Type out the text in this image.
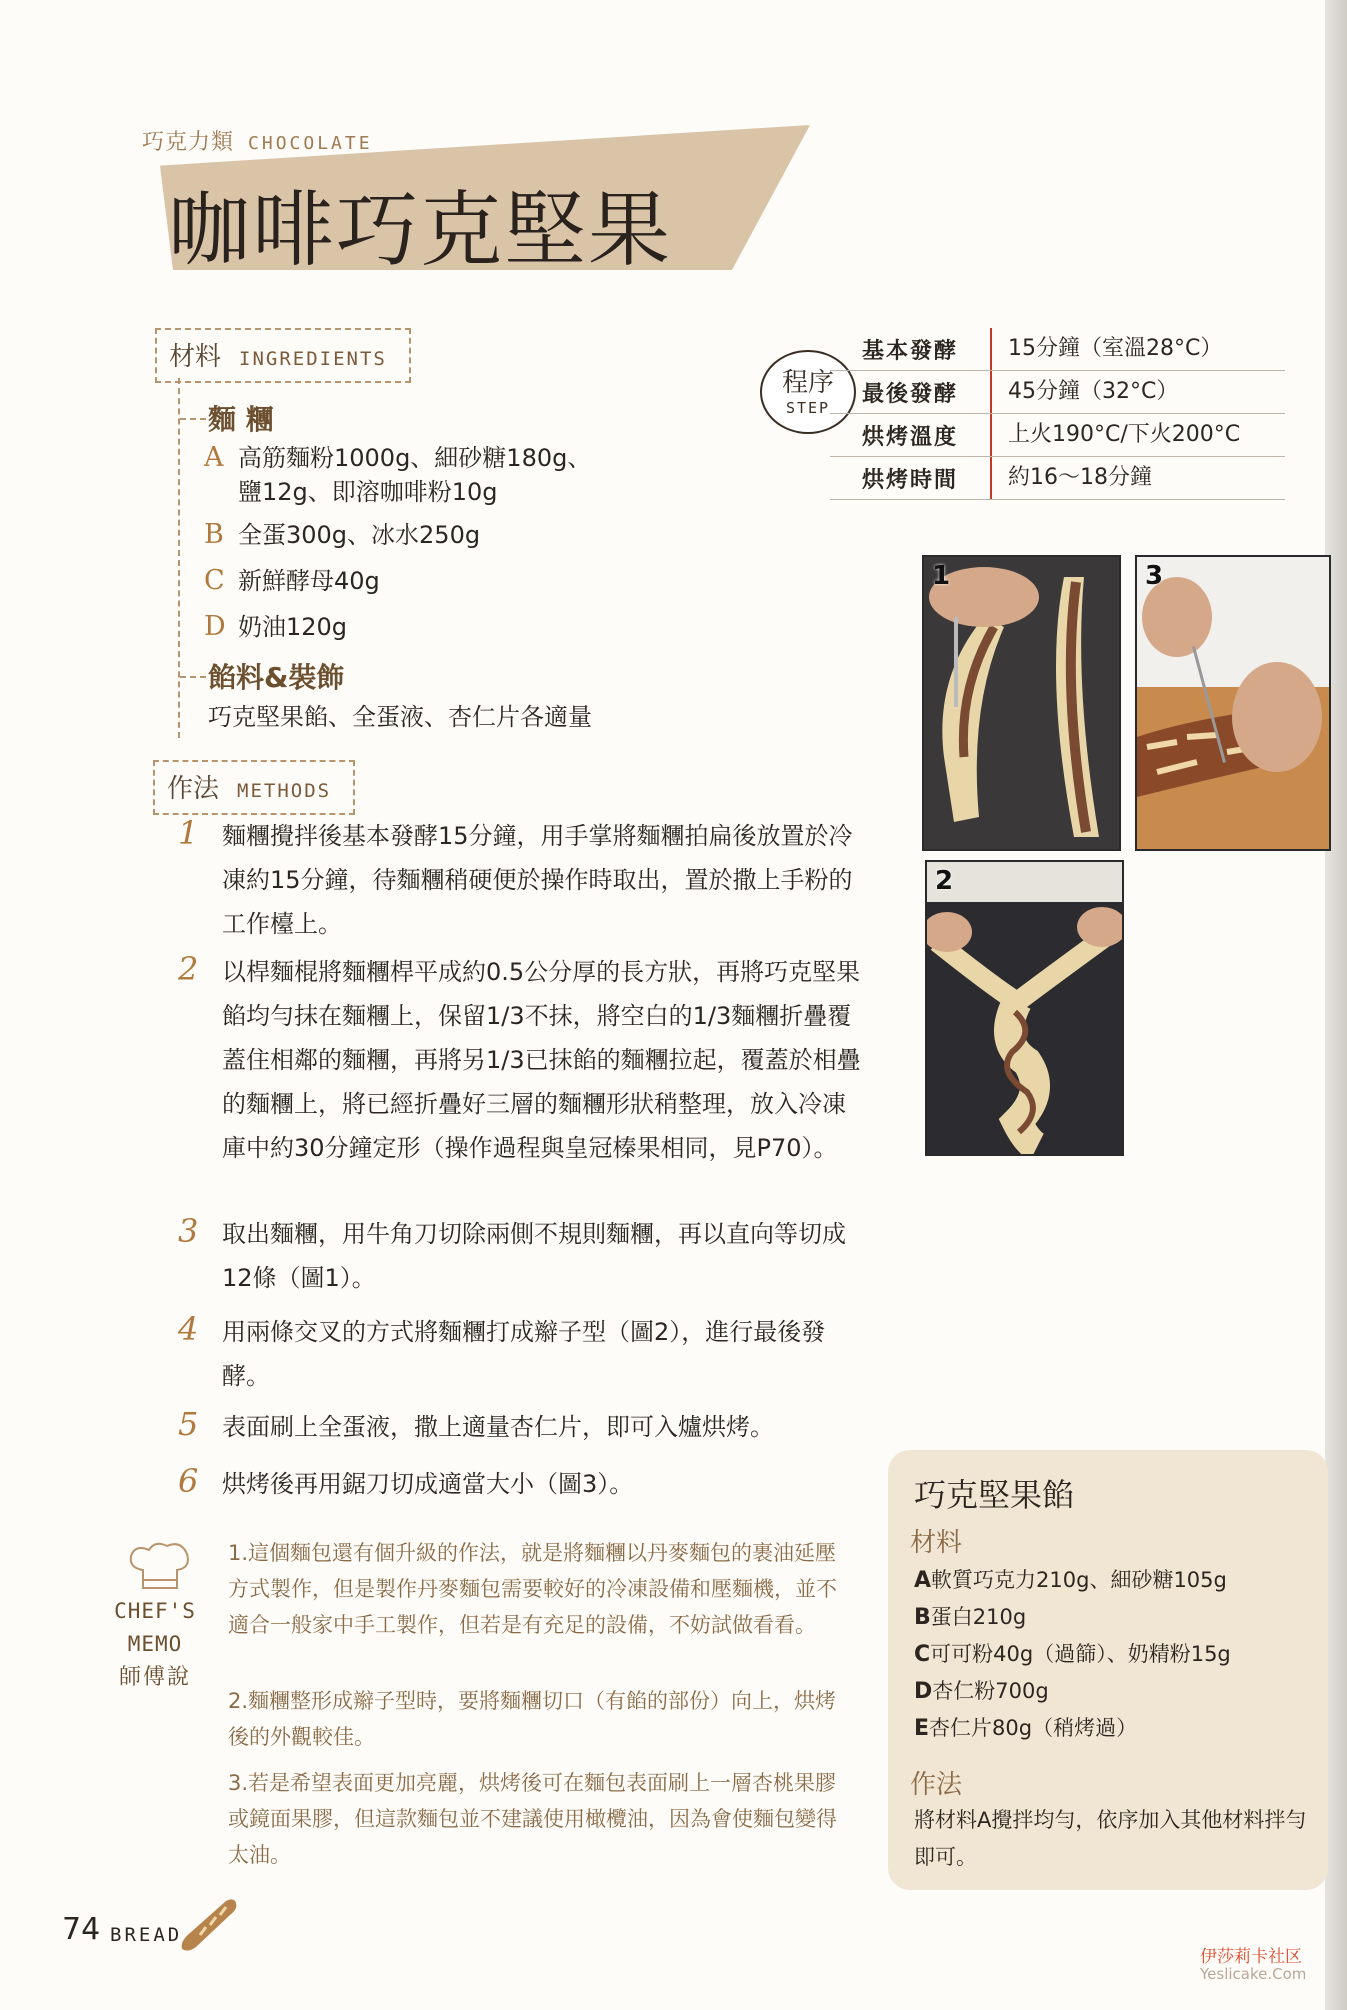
巧克力類 CHOCOLATE
咖啡巧克堅果
材料 INGREDIENTS
麵 糰
A 高筋麵粉1000g、細砂糖180g、
鹽12g、即溶咖啡粉10g
B 全蛋300g、冰水250g
C 新鮮酵母40g
D 奶油120g
餡料&裝飾
巧克堅果餡、全蛋液、杏仁片各適量
作法 METHODS
1 麵糰攪拌後基本發酵15分鐘，用手掌將麵糰拍扁後放置於冷凍約15分鐘，待麵糰稍硬便於操作時取出，置於撒上手粉的工作檯上。
2 以桿麵棍將麵糰桿平成約0.5公分厚的長方狀，再將巧克堅果餡均勻抹在麵糰上，保留1/3不抹，將空白的1/3麵糰折疊覆蓋住相鄰的麵糰，再將另1/3已抹餡的麵糰拉起，覆蓋於相疊的麵糰上，將已經折疊好三層的麵糰形狀稍整理，放入冷凍庫中約30分鐘定形（操作過程與皇冠榛果相同，見P70）。
3 取出麵糰，用牛角刀切除兩側不規則麵糰，再以直向等切成12條（圖1）。
4 用兩條交叉的方式將麵糰打成辮子型（圖2），進行最後發酵。
5 表面刷上全蛋液，撒上適量杏仁片，即可入爐烘烤。
6 烘烤後再用鋸刀切成適當大小（圖3）。
程序
STEP
基本發酵	15分鐘（室溫28°C）
最後發酵	45分鐘（32°C）
烘烤溫度	上火190°C/下火200°C
烘烤時間	約16～18分鐘
1	3
2
CHEF'S
MEMO
師傅說
1.這個麵包還有個升級的作法，就是將麵糰以丹麥麵包的裹油延壓方式製作，但是製作丹麥麵包需要較好的冷凍設備和壓麵機，並不適合一般家中手工製作，但若是有充足的設備，不妨試做看看。
2.麵糰整形成辮子型時，要將麵糰切口（有餡的部份）向上，烘烤後的外觀較佳。
3.若是希望表面更加亮麗，烘烤後可在麵包表面刷上一層杏桃果膠或鏡面果膠，但這款麵包並不建議使用橄欖油，因為會使麵包變得太油。
巧克堅果餡
材料
A軟質巧克力210g、細砂糖105g
B蛋白210g
C可可粉40g（過篩）、奶精粉15g
D杏仁粉700g
E杏仁片80g（稍烤過）
作法
將材料A攪拌均勻，依序加入其他材料拌勻即可。
74 BREAD
伊莎莉卡社区
Yeslicake.Com
